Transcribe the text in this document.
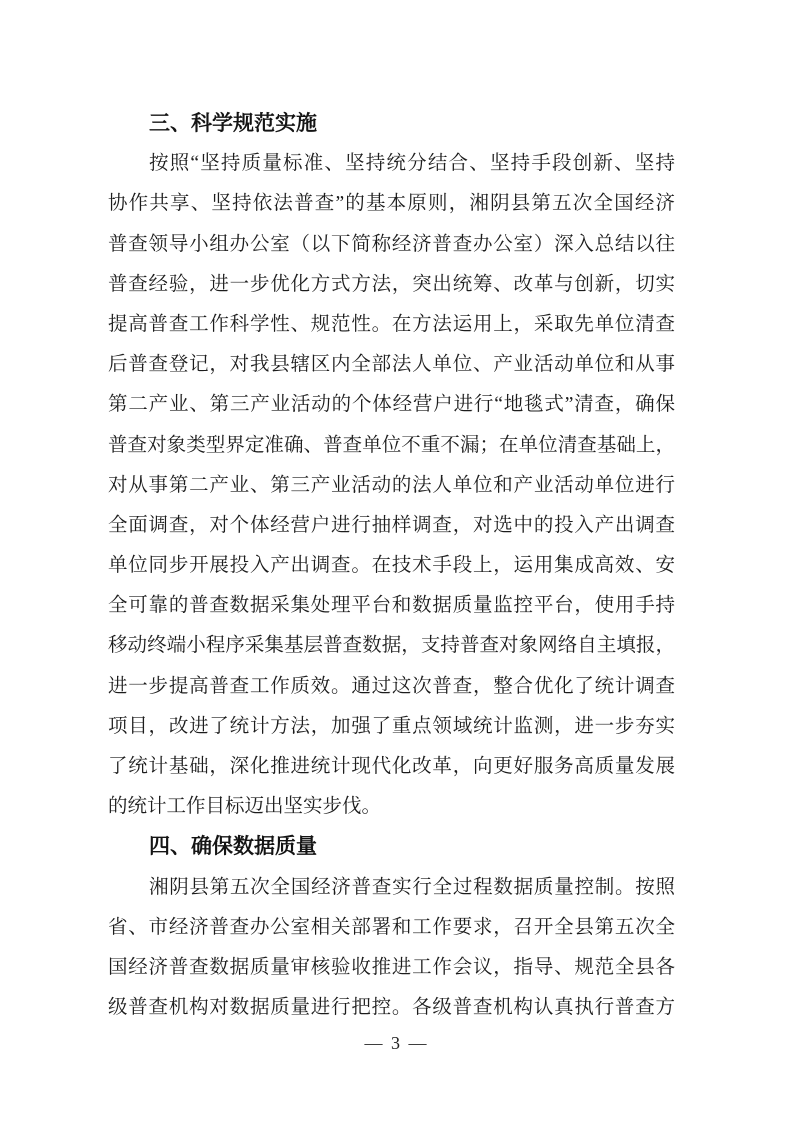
三、科学规范实施
按照“坚持质量标准、坚持统分结合、坚持手段创新、坚持
协作共享、坚持依法普查”的基本原则，湘阴县第五次全国经济
普查领导小组办公室（以下简称经济普查办公室）深入总结以往
普查经验，进一步优化方式方法，突出统筹、改革与创新，切实
提高普查工作科学性、规范性。在方法运用上，采取先单位清查
后普查登记，对我县辖区内全部法人单位、产业活动单位和从事
第二产业、第三产业活动的个体经营户进行“地毯式”清查，确保
普查对象类型界定准确、普查单位不重不漏；在单位清查基础上，
对从事第二产业、第三产业活动的法人单位和产业活动单位进行
全面调查，对个体经营户进行抽样调查，对选中的投入产出调查
单位同步开展投入产出调查。在技术手段上，运用集成高效、安
全可靠的普查数据采集处理平台和数据质量监控平台，使用手持
移动终端小程序采集基层普查数据，支持普查对象网络自主填报，
进一步提高普查工作质效。通过这次普查，整合优化了统计调查
项目，改进了统计方法，加强了重点领域统计监测，进一步夯实
了统计基础，深化推进统计现代化改革，向更好服务高质量发展
的统计工作目标迈出坚实步伐。
四、确保数据质量
湘阴县第五次全国经济普查实行全过程数据质量控制。按照
省、市经济普查办公室相关部署和工作要求，召开全县第五次全
国经济普查数据质量审核验收推进工作会议，指导、规范全县各
级普查机构对数据质量进行把控。各级普查机构认真执行普查方
— 3 —
